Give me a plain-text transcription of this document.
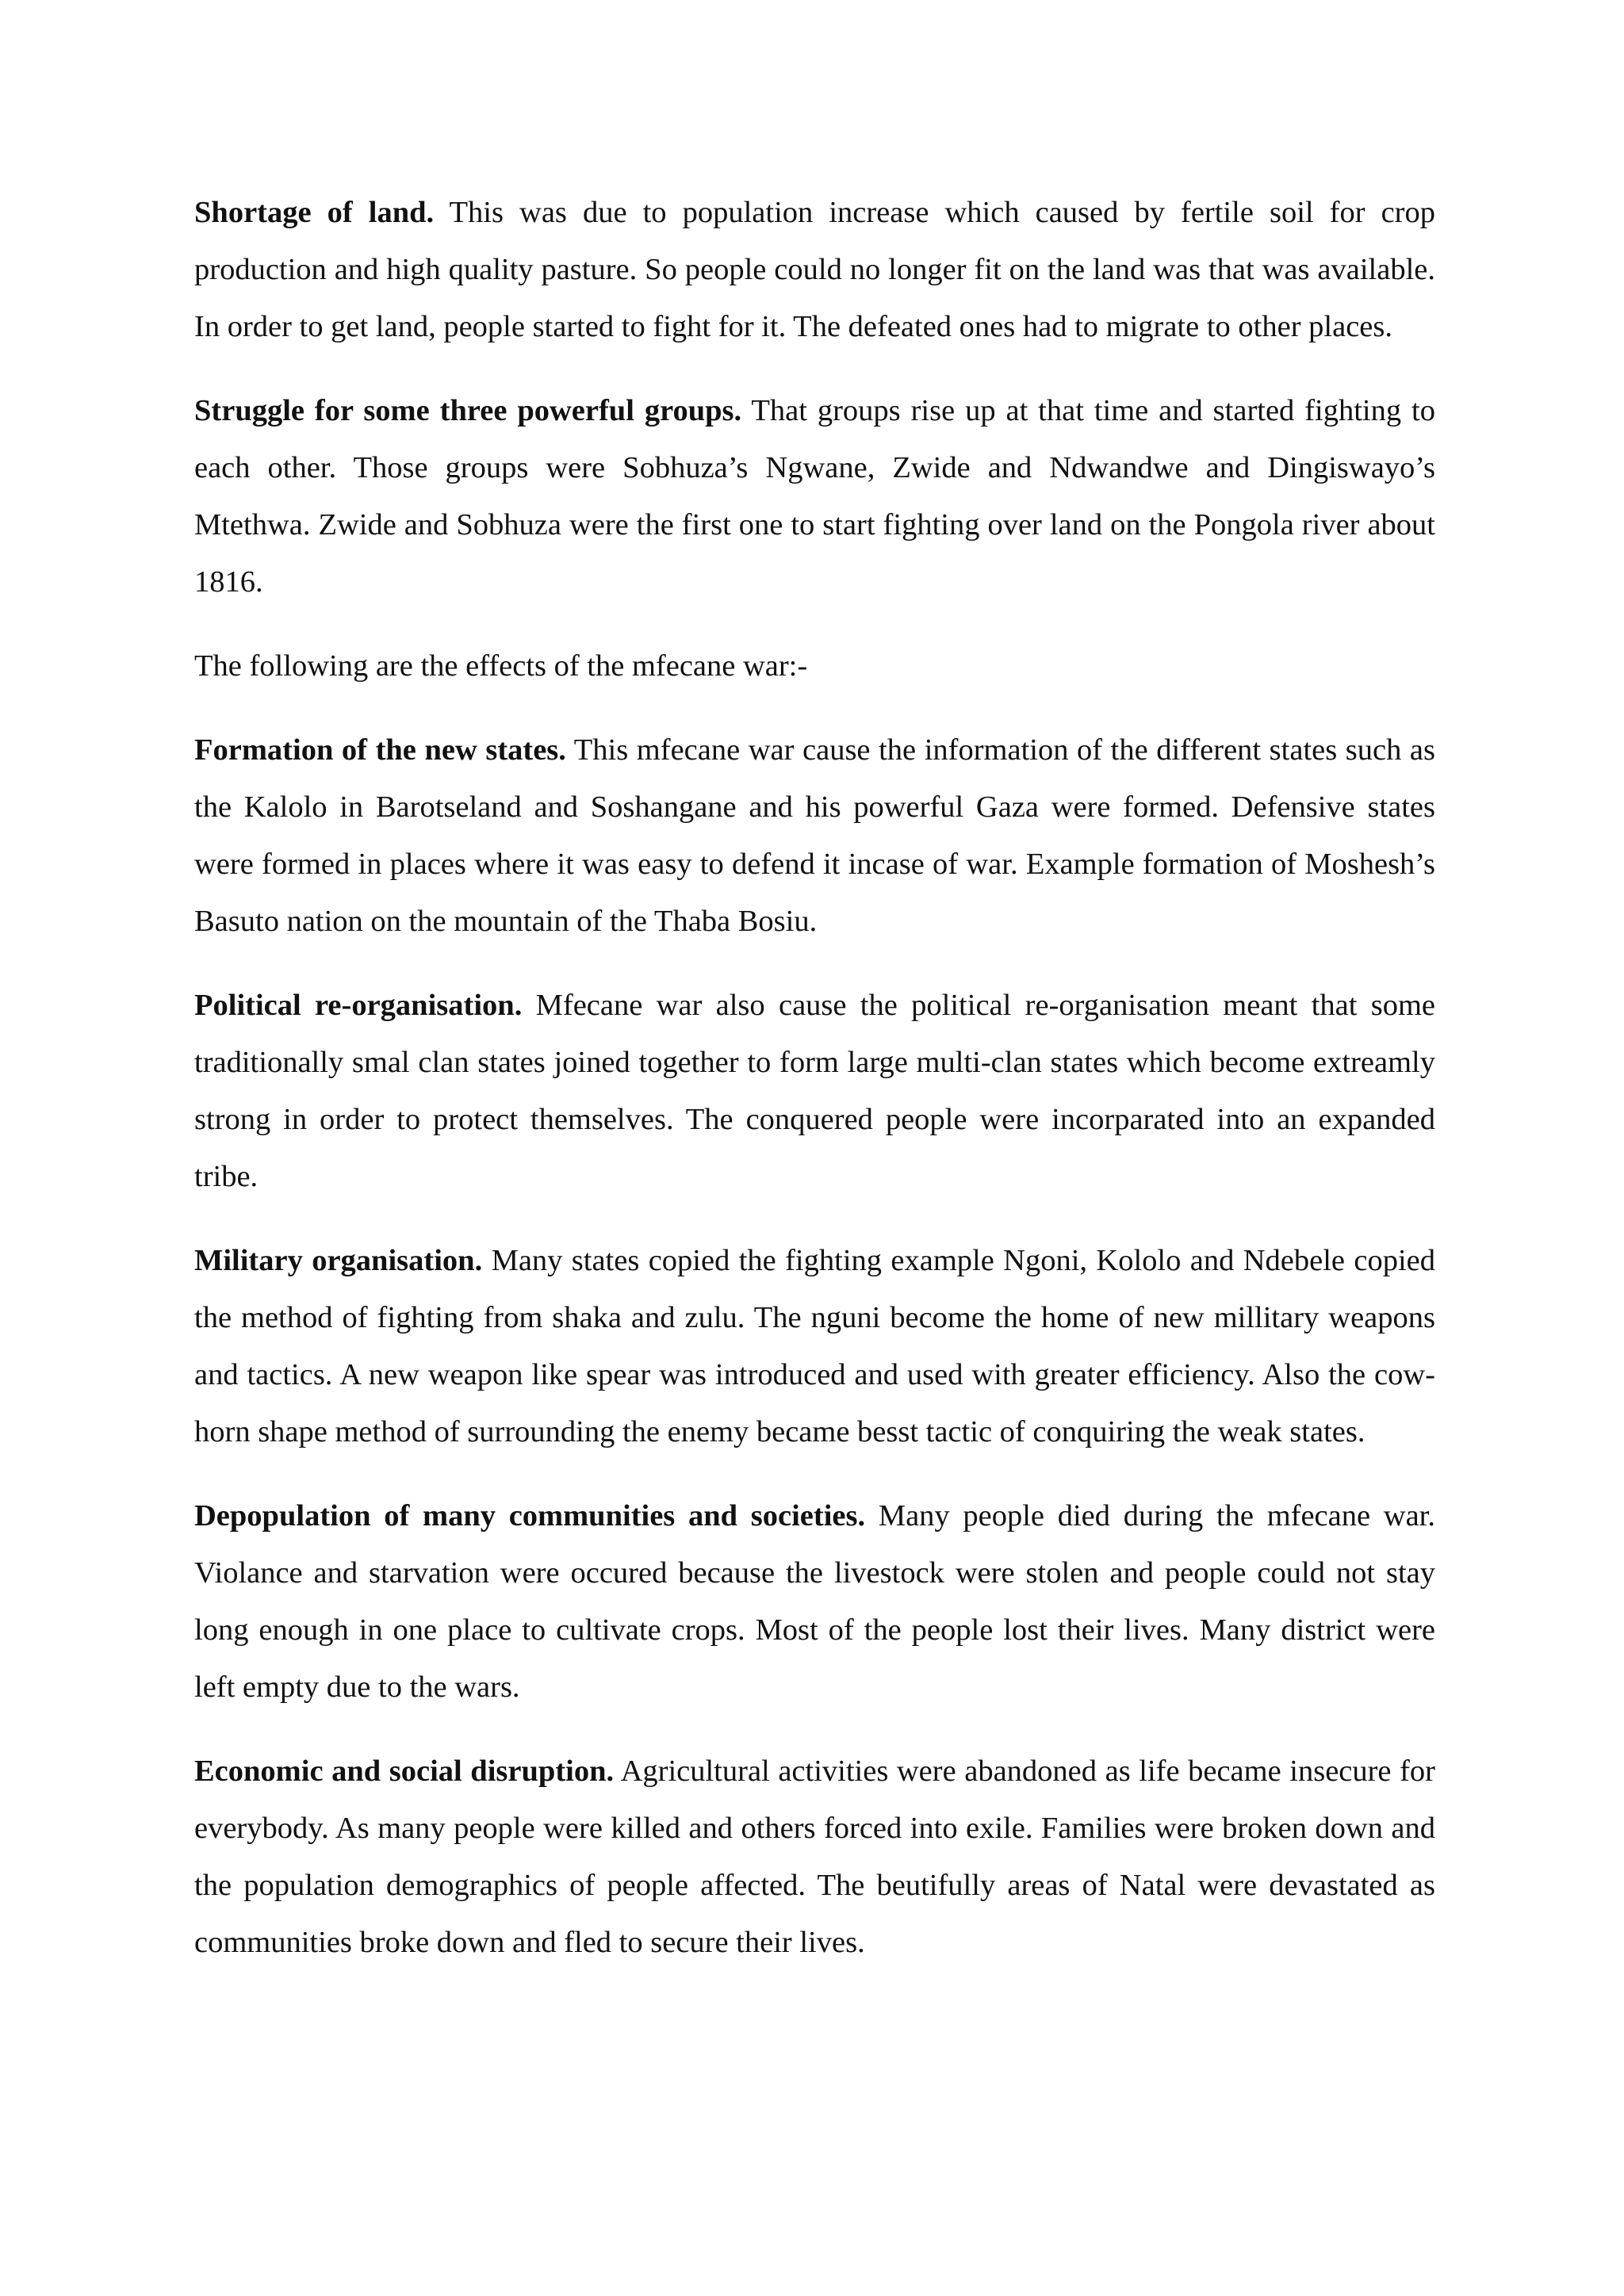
Shortage of land. This was due to population increase which caused by fertile soil for crop production and high quality pasture. So people could no longer fit on the land was that was available. In order to get land, people started to fight for it. The defeated ones had to migrate to other places.

Struggle for some three powerful groups. That groups rise up at that time and started fighting to each other. Those groups were Sobhuza’s Ngwane, Zwide and Ndwandwe and Dingiswayo’s Mtethwa. Zwide and Sobhuza were the first one to start fighting over land on the Pongola river about 1816.

The following are the effects of the mfecane war:-

Formation of the new states. This mfecane war cause the information of the different states such as the Kalolo in Barotseland and Soshangane and his powerful Gaza were formed. Defensive states were formed in places where it was easy to defend it incase of war. Example formation of Moshesh’s Basuto nation on the mountain of the Thaba Bosiu.

Political re-organisation. Mfecane war also cause the political re-organisation meant that some traditionally smal clan states joined together to form large multi-clan states which become extreamly strong in order to protect themselves. The conquered people were incorparated into an expanded tribe.

Military organisation. Many states copied the fighting example Ngoni, Kololo and Ndebele copied the method of fighting from shaka and zulu. The nguni become the home of new millitary weapons and tactics. A new weapon like spear was introduced and used with greater efficiency. Also the cow-horn shape method of surrounding the enemy became besst tactic of conquiring the weak states.

Depopulation of many communities and societies. Many people died during the mfecane war. Violance and starvation were occured because the livestock were stolen and people could not stay long enough in one place to cultivate crops. Most of the people lost their lives. Many district were left empty due to the wars.

Economic and social disruption. Agricultural activities were abandoned as life became insecure for everybody. As many people were killed and others forced into exile. Families were broken down and the population demographics of people affected. The beutifully areas of Natal were devastated as communities broke down and fled to secure their lives.
